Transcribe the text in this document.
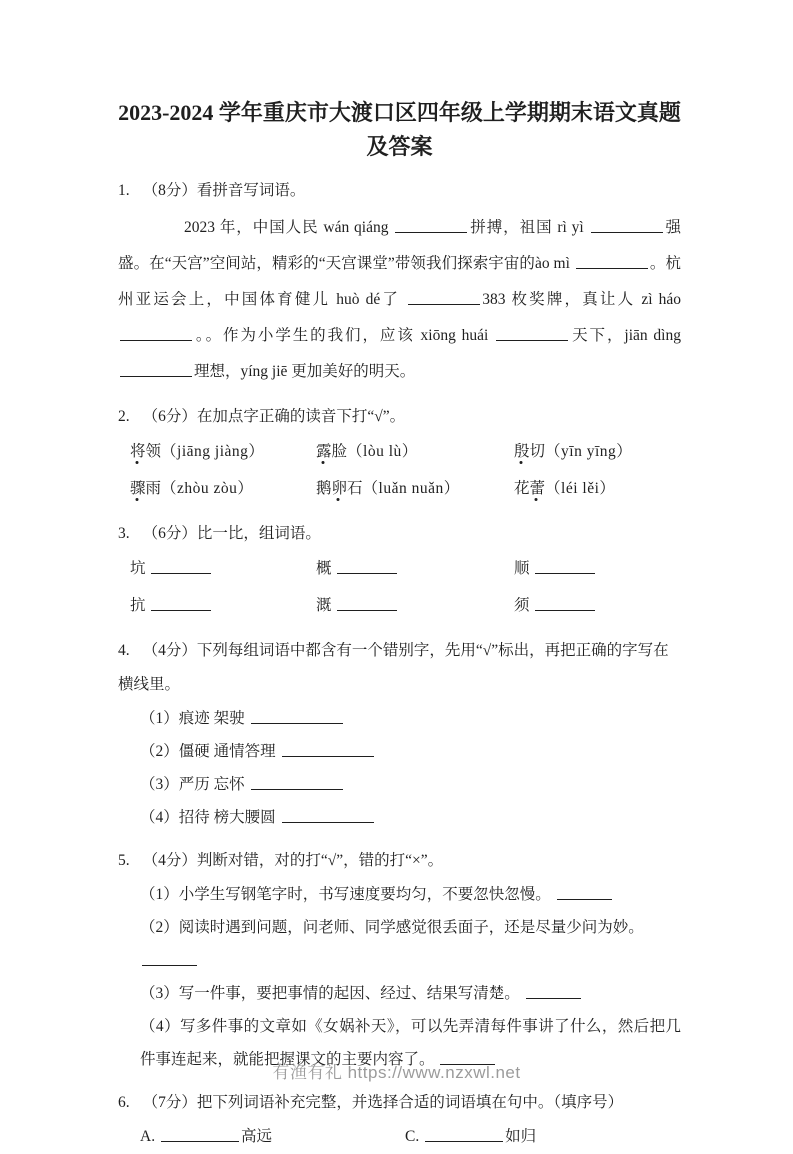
2023-2024 学年重庆市大渡口区四年级上学期期末语文真题
及答案

1. （8分）看拼音写词语。

2023 年，中国人民 wán qiáng	拼搏，祖国 rì yì	强盛。在“天宫”空间站，精彩的“天宫课堂”带领我们探索宇宙的ào mì	。杭州亚运会上，中国体育健儿 huò dé了	383 枚奖牌，真让人 zì háo 。。作为小学生的我们，应该 xiōng huái	天下，jiān dìng 理想，yíng jiē 更加美好的明天。

2. （6分）在加点字正确的读音下打“√”。

将领（jiāng jiàng）	露脸（lòu lù）	殷切（yīn yīng）
骤雨（zhòu zòu）	鹅卵石（luǎn nuǎn）	花蕾（léi lěi）

3. （6分）比一比，组词语。

坑	概	顺
抗	溉	须

4. （4分）下列每组词语中都含有一个错别字，先用“√”标出，再把正确的字写在横线里。

（1）痕迹 架驶

（2）僵硬 通情答理

（3）严历 忘怀

（4）招待 榜大腰圆

5. （4分）判断对错，对的打“√”，错的打“×”。

（1）小学生写钢笔字时，书写速度要均匀，不要忽快忽慢。

（2）阅读时遇到问题，问老师、同学感觉很丢面子，还是尽量少问为妙。

（3）写一件事，要把事情的起因、经过、结果写清楚。

（4）写多件事的文章如《女娲补天》，可以先弄清每件事讲了什么，然后把几件事连起来，就能把握课文的主要内容了。

6. （7分）把下列词语补充完整，并选择合适的词语填在句中。（填序号）

A.	高远	C.	如归
有渔有礼 https://www.nzxwl.net
